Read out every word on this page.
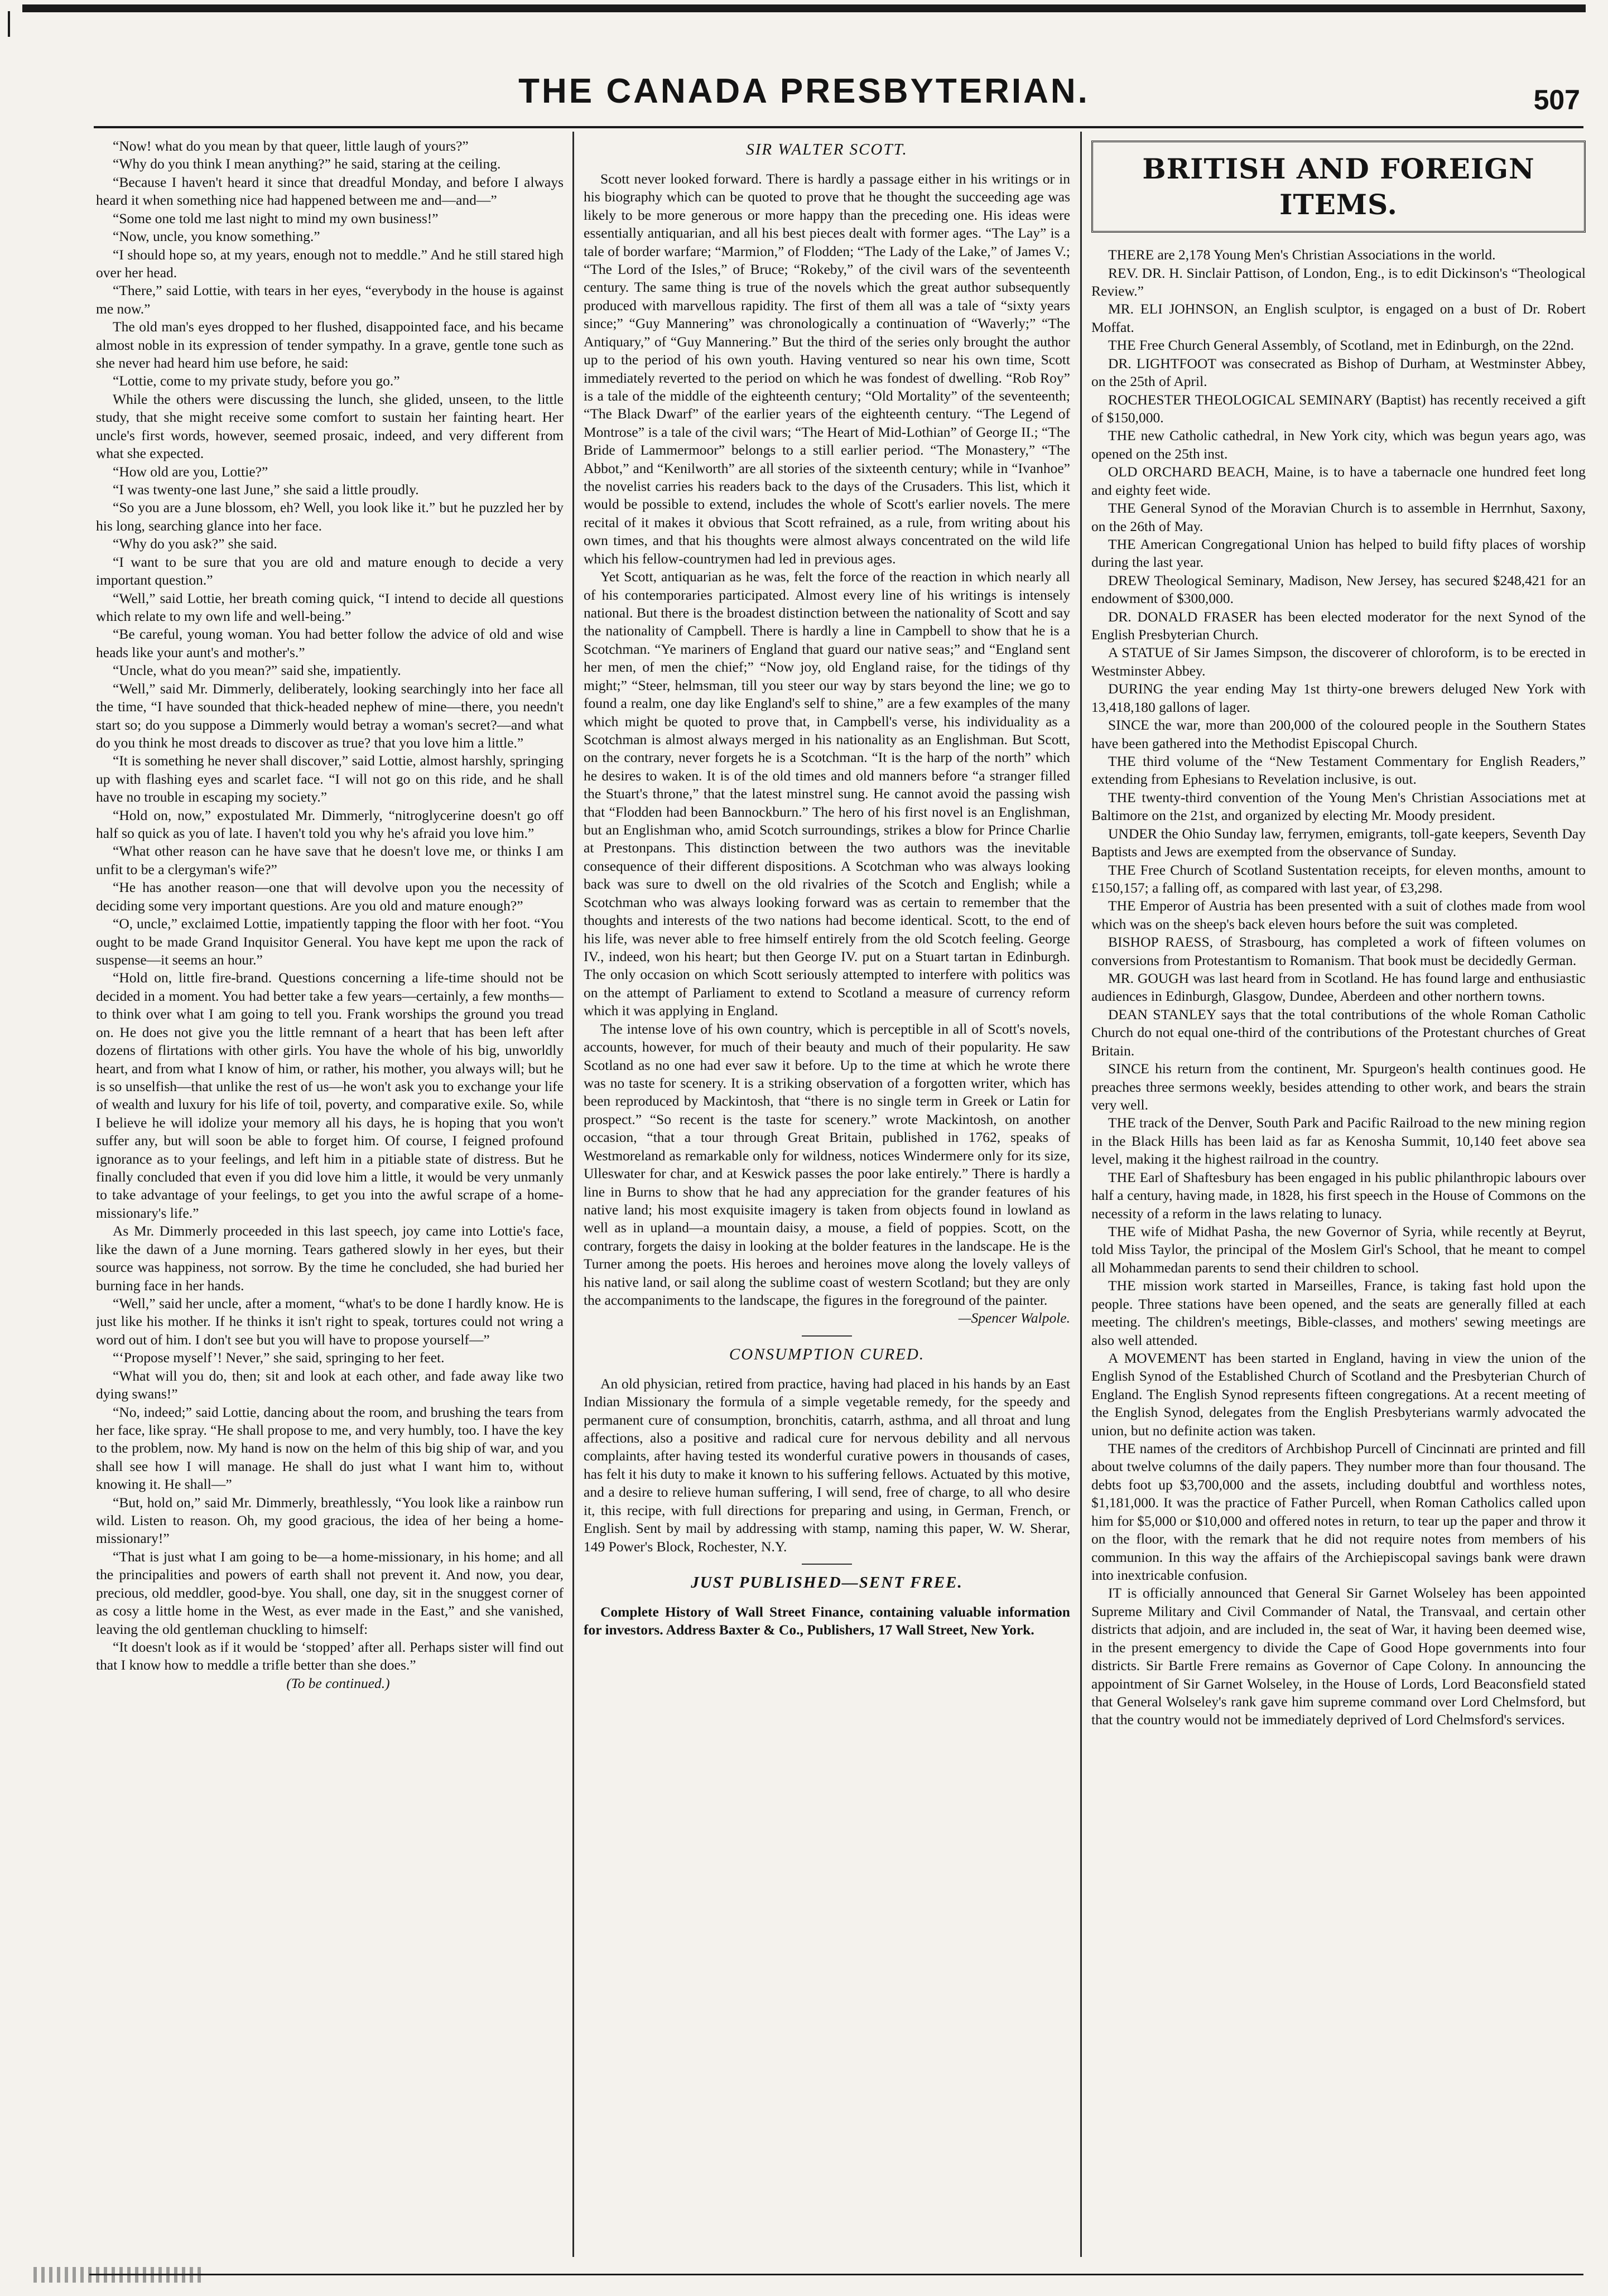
THE CANADA PRESBYTERIAN.	507

“Now! what do you mean by that queer, little laugh of yours?”

“Why do you think I mean anything?” he said, staring at the ceiling.

“Because I haven't heard it since that dreadful Monday, and before I always heard it when something nice had happened between me and—and—”

“Some one told me last night to mind my own business!”

“Now, uncle, you know something.”

“I should hope so, at my years, enough not to meddle.” And he still stared high over her head.

“There,” said Lottie, with tears in her eyes, “everybody in the house is against me now.”

The old man's eyes dropped to her flushed, disappointed face, and his became almost noble in its expression of tender sympathy. In a grave, gentle tone such as she never had heard him use before, he said:

“Lottie, come to my private study, before you go.”

While the others were discussing the lunch, she glided, unseen, to the little study, that she might receive some comfort to sustain her fainting heart. Her uncle's first words, however, seemed prosaic, indeed, and very different from what she expected.

“How old are you, Lottie?”

“I was twenty-one last June,” she said a little proudly.

“So you are a June blossom, eh? Well, you look like it.” but he puzzled her by his long, searching glance into her face.

“Why do you ask?” she said.

“I want to be sure that you are old and mature enough to decide a very important question.”

“Well,” said Lottie, her breath coming quick, “I intend to decide all questions which relate to my own life and well-being.”

“Be careful, young woman. You had better follow the advice of old and wise heads like your aunt's and mother's.”

“Uncle, what do you mean?” said she, impatiently.

“Well,” said Mr. Dimmerly, deliberately, looking searchingly into her face all the time, “I have sounded that thick-headed nephew of mine—there, you needn't start so; do you suppose a Dimmerly would betray a woman's secret?—and what do you think he most dreads to discover as true? that you love him a little.”

“It is something he never shall discover,” said Lottie, almost harshly, springing up with flashing eyes and scarlet face. “I will not go on this ride, and he shall have no trouble in escaping my society.”

“Hold on, now,” expostulated Mr. Dimmerly, “nitroglycerine doesn't go off half so quick as you of late. I haven't told you why he's afraid you love him.”

“What other reason can he have save that he doesn't love me, or thinks I am unfit to be a clergyman's wife?”

“He has another reason—one that will devolve upon you the necessity of deciding some very important questions. Are you old and mature enough?”

“O, uncle,” exclaimed Lottie, impatiently tapping the floor with her foot. “You ought to be made Grand Inquisitor General. You have kept me upon the rack of suspense—it seems an hour.”

“Hold on, little fire-brand. Questions concerning a life-time should not be decided in a moment. You had better take a few years—certainly, a few months—to think over what I am going to tell you. Frank worships the ground you tread on. He does not give you the little remnant of a heart that has been left after dozens of flirtations with other girls. You have the whole of his big, unworldly heart, and from what I know of him, or rather, his mother, you always will; but he is so unselfish—that unlike the rest of us—he won't ask you to exchange your life of wealth and luxury for his life of toil, poverty, and comparative exile. So, while I believe he will idolize your memory all his days, he is hoping that you won't suffer any, but will soon be able to forget him. Of course, I feigned profound ignorance as to your feelings, and left him in a pitiable state of distress. But he finally concluded that even if you did love him a little, it would be very unmanly to take advantage of your feelings, to get you into the awful scrape of a home-missionary's life.”

As Mr. Dimmerly proceeded in this last speech, joy came into Lottie's face, like the dawn of a June morning. Tears gathered slowly in her eyes, but their source was happiness, not sorrow. By the time he concluded, she had buried her burning face in her hands.

“Well,” said her uncle, after a moment, “what's to be done I hardly know. He is just like his mother. If he thinks it isn't right to speak, tortures could not wring a word out of him. I don't see but you will have to propose yourself—”

“‘Propose myself’! Never,” she said, springing to her feet.

“What will you do, then; sit and look at each other, and fade away like two dying swans!”

“No, indeed;” said Lottie, dancing about the room, and brushing the tears from her face, like spray. “He shall propose to me, and very humbly, too. I have the key to the problem, now. My hand is now on the helm of this big ship of war, and you shall see how I will manage. He shall do just what I want him to, without knowing it. He shall—”

“But, hold on,” said Mr. Dimmerly, breathlessly, “You look like a rainbow run wild. Listen to reason. Oh, my good gracious, the idea of her being a home-missionary!”

“That is just what I am going to be—a home-missionary, in his home; and all the principalities and powers of earth shall not prevent it. And now, you dear, precious, old meddler, good-bye. You shall, one day, sit in the snuggest corner of as cosy a little home in the West, as ever made in the East,” and she vanished, leaving the old gentleman chuckling to himself:

“It doesn't look as if it would be ‘stopped’ after all. Perhaps sister will find out that I know how to meddle a trifle better than she does.”

(To be continued.)

SIR WALTER SCOTT.

Scott never looked forward. There is hardly a passage either in his writings or in his biography which can be quoted to prove that he thought the succeeding age was likely to be more generous or more happy than the preceding one. His ideas were essentially antiquarian, and all his best pieces dealt with former ages. “The Lay” is a tale of border warfare; “Marmion,” of Flodden; “The Lady of the Lake,” of James V.; “The Lord of the Isles,” of Bruce; “Rokeby,” of the civil wars of the seventeenth century. The same thing is true of the novels which the great author subsequently produced with marvellous rapidity. The first of them all was a tale of “sixty years since;” “Guy Mannering” was chronologically a continuation of “Waverly;” “The Antiquary,” of “Guy Mannering.” But the third of the series only brought the author up to the period of his own youth. Having ventured so near his own time, Scott immediately reverted to the period on which he was fondest of dwelling. “Rob Roy” is a tale of the middle of the eighteenth century; “Old Mortality” of the seventeenth; “The Black Dwarf” of the earlier years of the eighteenth century. “The Legend of Montrose” is a tale of the civil wars; “The Heart of Mid-Lothian” of George II.; “The Bride of Lammermoor” belongs to a still earlier period. “The Monastery,” “The Abbot,” and “Kenilworth” are all stories of the sixteenth century; while in “Ivanhoe” the novelist carries his readers back to the days of the Crusaders. This list, which it would be possible to extend, includes the whole of Scott's earlier novels. The mere recital of it makes it obvious that Scott refrained, as a rule, from writing about his own times, and that his thoughts were almost always concentrated on the wild life which his fellow-countrymen had led in previous ages.

Yet Scott, antiquarian as he was, felt the force of the reaction in which nearly all of his contemporaries participated. Almost every line of his writings is intensely national. But there is the broadest distinction between the nationality of Scott and say the nationality of Campbell. There is hardly a line in Campbell to show that he is a Scotchman. “Ye mariners of England that guard our native seas;” and “England sent her men, of men the chief;” “Now joy, old England raise, for the tidings of thy might;” “Steer, helmsman, till you steer our way by stars beyond the line; we go to found a realm, one day like England's self to shine,” are a few examples of the many which might be quoted to prove that, in Campbell's verse, his individuality as a Scotchman is almost always merged in his nationality as an Englishman. But Scott, on the contrary, never forgets he is a Scotchman. “It is the harp of the north” which he desires to waken. It is of the old times and old manners before “a stranger filled the Stuart's throne,” that the latest minstrel sung. He cannot avoid the passing wish that “Flodden had been Bannockburn.” The hero of his first novel is an Englishman, but an Englishman who, amid Scotch surroundings, strikes a blow for Prince Charlie at Prestonpans. This distinction between the two authors was the inevitable consequence of their different dispositions. A Scotchman who was always looking back was sure to dwell on the old rivalries of the Scotch and English; while a Scotchman who was always looking forward was as certain to remember that the thoughts and interests of the two nations had become identical. Scott, to the end of his life, was never able to free himself entirely from the old Scotch feeling. George IV., indeed, won his heart; but then George IV. put on a Stuart tartan in Edinburgh. The only occasion on which Scott seriously attempted to interfere with politics was on the attempt of Parliament to extend to Scotland a measure of currency reform which it was applying in England.

The intense love of his own country, which is perceptible in all of Scott's novels, accounts, however, for much of their beauty and much of their popularity. He saw Scotland as no one had ever saw it before. Up to the time at which he wrote there was no taste for scenery. It is a striking observation of a forgotten writer, which has been reproduced by Mackintosh, that “there is no single term in Greek or Latin for prospect.” “So recent is the taste for scenery.” wrote Mackintosh, on another occasion, “that a tour through Great Britain, published in 1762, speaks of Westmoreland as remarkable only for wildness, notices Windermere only for its size, Ulleswater for char, and at Keswick passes the poor lake entirely.” There is hardly a line in Burns to show that he had any appreciation for the grander features of his native land; his most exquisite imagery is taken from objects found in lowland as well as in upland—a mountain daisy, a mouse, a field of poppies. Scott, on the contrary, forgets the daisy in looking at the bolder features in the landscape. He is the Turner among the poets. His heroes and heroines move along the lovely valleys of his native land, or sail along the sublime coast of western Scotland; but they are only the accompaniments to the landscape, the figures in the foreground of the painter.

—Spencer Walpole.

CONSUMPTION CURED.

An old physician, retired from practice, having had placed in his hands by an East Indian Missionary the formula of a simple vegetable remedy, for the speedy and permanent cure of consumption, bronchitis, catarrh, asthma, and all throat and lung affections, also a positive and radical cure for nervous debility and all nervous complaints, after having tested its wonderful curative powers in thousands of cases, has felt it his duty to make it known to his suffering fellows. Actuated by this motive, and a desire to relieve human suffering, I will send, free of charge, to all who desire it, this recipe, with full directions for preparing and using, in German, French, or English. Sent by mail by addressing with stamp, naming this paper, W. W. Sherar, 149 Power's Block, Rochester, N.Y.

JUST PUBLISHED—SENT FREE.

Complete History of Wall Street Finance, containing valuable information for investors. Address Baxter & Co., Publishers, 17 Wall Street, New York.

BRITISH AND FOREIGN ITEMS.

THERE are 2,178 Young Men's Christian Associations in the world.

REV. DR. H. Sinclair Pattison, of London, Eng., is to edit Dickinson's “Theological Review.”

MR. ELI JOHNSON, an English sculptor, is engaged on a bust of Dr. Robert Moffat.

THE Free Church General Assembly, of Scotland, met in Edinburgh, on the 22nd.

DR. LIGHTFOOT was consecrated as Bishop of Durham, at Westminster Abbey, on the 25th of April.

ROCHESTER THEOLOGICAL SEMINARY (Baptist) has recently received a gift of $150,000.

THE new Catholic cathedral, in New York city, which was begun years ago, was opened on the 25th inst.

OLD ORCHARD BEACH, Maine, is to have a tabernacle one hundred feet long and eighty feet wide.

THE General Synod of the Moravian Church is to assemble in Herrnhut, Saxony, on the 26th of May.

THE American Congregational Union has helped to build fifty places of worship during the last year.

DREW Theological Seminary, Madison, New Jersey, has secured $248,421 for an endowment of $300,000.

DR. DONALD FRASER has been elected moderator for the next Synod of the English Presbyterian Church.

A STATUE of Sir James Simpson, the discoverer of chloroform, is to be erected in Westminster Abbey.

DURING the year ending May 1st thirty-one brewers deluged New York with 13,418,180 gallons of lager.

SINCE the war, more than 200,000 of the coloured people in the Southern States have been gathered into the Methodist Episcopal Church.

THE third volume of the “New Testament Commentary for English Readers,” extending from Ephesians to Revelation inclusive, is out.

THE twenty-third convention of the Young Men's Christian Associations met at Baltimore on the 21st, and organized by electing Mr. Moody president.

UNDER the Ohio Sunday law, ferrymen, emigrants, toll-gate keepers, Seventh Day Baptists and Jews are exempted from the observance of Sunday.

THE Free Church of Scotland Sustentation receipts, for eleven months, amount to £150,157; a falling off, as compared with last year, of £3,298.

THE Emperor of Austria has been presented with a suit of clothes made from wool which was on the sheep's back eleven hours before the suit was completed.

BISHOP RAESS, of Strasbourg, has completed a work of fifteen volumes on conversions from Protestantism to Romanism. That book must be decidedly German.

MR. GOUGH was last heard from in Scotland. He has found large and enthusiastic audiences in Edinburgh, Glasgow, Dundee, Aberdeen and other northern towns.

DEAN STANLEY says that the total contributions of the whole Roman Catholic Church do not equal one-third of the contributions of the Protestant churches of Great Britain.

SINCE his return from the continent, Mr. Spurgeon's health continues good. He preaches three sermons weekly, besides attending to other work, and bears the strain very well.

THE track of the Denver, South Park and Pacific Railroad to the new mining region in the Black Hills has been laid as far as Kenosha Summit, 10,140 feet above sea level, making it the highest railroad in the country.

THE Earl of Shaftesbury has been engaged in his public philanthropic labours over half a century, having made, in 1828, his first speech in the House of Commons on the necessity of a reform in the laws relating to lunacy.

THE wife of Midhat Pasha, the new Governor of Syria, while recently at Beyrut, told Miss Taylor, the principal of the Moslem Girl's School, that he meant to compel all Mohammedan parents to send their children to school.

THE mission work started in Marseilles, France, is taking fast hold upon the people. Three stations have been opened, and the seats are generally filled at each meeting. The children's meetings, Bible-classes, and mothers' sewing meetings are also well attended.

A MOVEMENT has been started in England, having in view the union of the English Synod of the Established Church of Scotland and the Presbyterian Church of England. The English Synod represents fifteen congregations. At a recent meeting of the English Synod, delegates from the English Presbyterians warmly advocated the union, but no definite action was taken.

THE names of the creditors of Archbishop Purcell of Cincinnati are printed and fill about twelve columns of the daily papers. They number more than four thousand. The debts foot up $3,700,000 and the assets, including doubtful and worthless notes, $1,181,000. It was the practice of Father Purcell, when Roman Catholics called upon him for $5,000 or $10,000 and offered notes in return, to tear up the paper and throw it on the floor, with the remark that he did not require notes from members of his communion. In this way the affairs of the Archiepiscopal savings bank were drawn into inextricable confusion.

IT is officially announced that General Sir Garnet Wolseley has been appointed Supreme Military and Civil Commander of Natal, the Transvaal, and certain other districts that adjoin, and are included in, the seat of War, it having been deemed wise, in the present emergency to divide the Cape of Good Hope governments into four districts. Sir Bartle Frere remains as Governor of Cape Colony. In announcing the appointment of Sir Garnet Wolseley, in the House of Lords, Lord Beaconsfield stated that General Wolseley's rank gave him supreme command over Lord Chelmsford, but that the country would not be immediately deprived of Lord Chelmsford's services.
